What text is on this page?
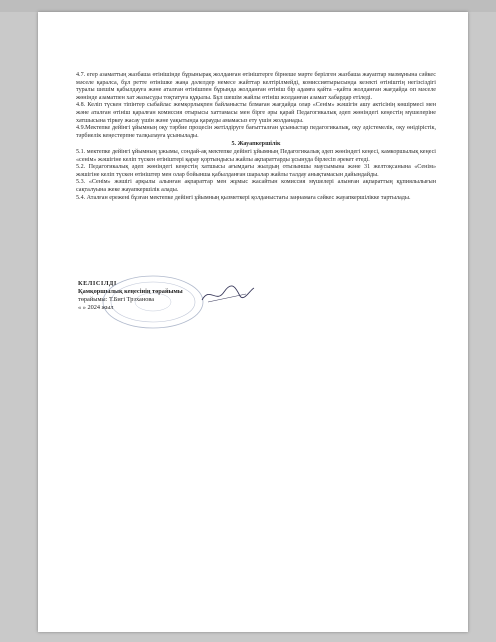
4.7. егер азаматтың жазбаша өтінішінде бұрынырақ жолданған өтініштерге бірнеше мәрте берілген жазбаша жауаптар мазмұнына сәйкес мәселе қаралса, бұл ретте өтінішке жаңа дәлелдер немесе жайттар келтірілмейді, комиссиятырысында кезекті өтініштің негізсіздігі туралы шешім қабылдауға және аталған өтінішпен бұрында жолданған өтініш бір адамға қайта –қайта жолданған жағдайда оп мәселе жөнінде азаматпен хат жазысуды тоқтатуға құқылы. Бұл шешім жайлы өтініш жолданған азамат хабардар етіледі.

4.8. Келіп түскен тіпінтер сыбайлас жемқорлықпен байланысты блмаған жағдайда олар «Сенім» жәшігін ашу актісінің көшірмесі мен және аталған өтініш қаралған комиссия отырысы хаттамасы мен бірге әры қарай Педагогикалық әдеп жөніндегі кеңестің мүшелеріне хатшысына тіркеу жасау үшін және уақытында қарауды амамасыз ету үшін жолданады.

4.9.Мектепке дейінгі ұйымның оқу тәрбие процесін жетілдіруге бағытталған ұсыныстар педагогикалық, оқу әдістемелік, оқу өнідірістік, тәрбиелік кеңестерпне талқылауға ұсынылады.

5. Жауапкершілік

5.1. мектепке дейінгі ұйымның ұжымы, сондай-ақ мектепке дейінгі ұйымның Педагогикалық әдеп жөніндегі кеңесі, камкоршылық кеңесі «сенім» жәшігіне келіп түскен өтініштері қарау қортындысы жайлы ақпараттарды ұсынуда бірлесіп әрекет етеді.

5.2. Педагогикалық әдеп жөніндегі кеңестің хатшысы ағымдағы жылдың отызыншы маусымына және 31 желтоқсанына «Сенім» жәшігіне келіп түскен өтініштер мен олар бойынша қабылданған шаралар жайлы талдау анықтамасын дайындайды.

5.3. «Сенім» жәшігі арқылы алынған ақпараттар мен жұмыс жасайтын комиссия мүшелері алынған ақпараттың құпиялылығын сақталуына жеке жауапкершілік алады.

5.4. Аталған ереженi бұзған мектепке дейінгі ұйымның қызметкері қолданыстағы заңнамаға сәйкес жауапкершілікке тартылады.

КЕЛІСІЛДІ
Қамқоршылық кеңесінің төрайымы
төрайымы: Т.Бигі Трзханова
« » 2024 жыл
